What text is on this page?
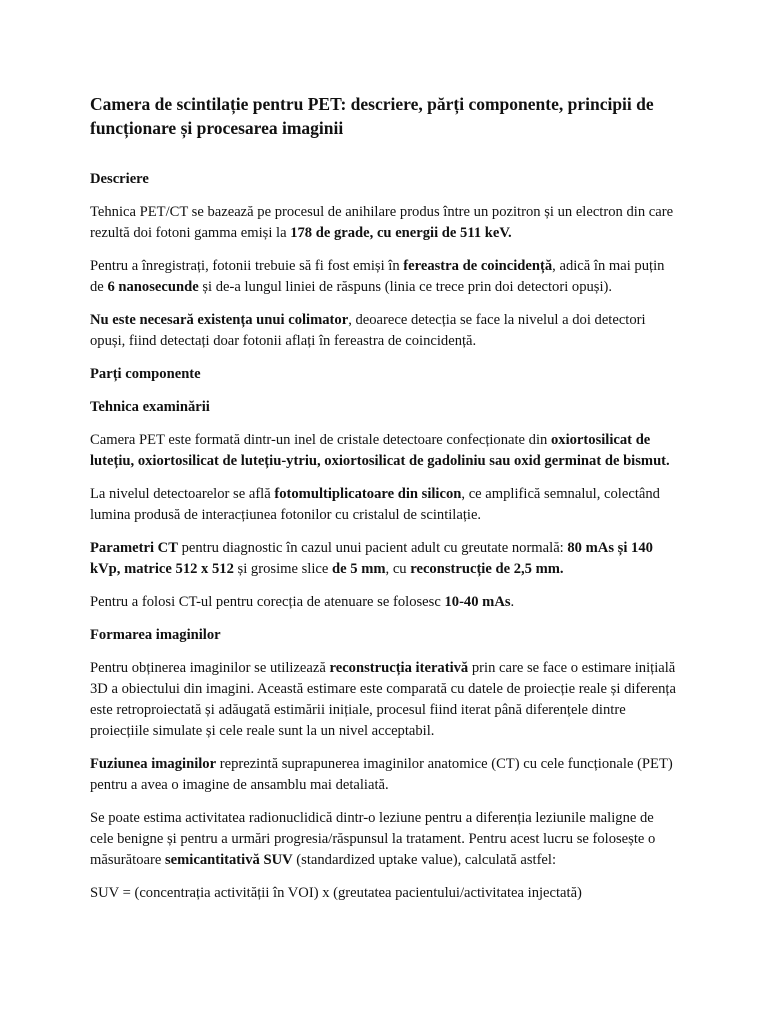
Camera de scintilație pentru PET: descriere, părți componente, principii de funcționare și procesarea imaginii
Descriere

Tehnica PET/CT se bazează pe procesul de anihilare produs între un pozitron și un electron din care rezultă doi fotoni gamma emiși la 178 de grade, cu energii de 511 keV.

Pentru a înregistrați, fotonii trebuie să fi fost emiși în fereastra de coincidență, adică în mai puțin de 6 nanosecunde și de-a lungul liniei de răspuns (linia ce trece prin doi detectori opuși).

Nu este necesară existența unui colimator, deoarece detecția se face la nivelul a doi detectori opuși, fiind detectați doar fotonii aflați în fereastra de coincidență.

Parți componente
Tehnica examinării

Camera PET este formată dintr-un inel de cristale detectoare confecționate din oxiortosilicat de lutețiu, oxiortosilicat de lutețiu-ytriu, oxiortosilicat de gadoliniu sau oxid germinat de bismut.

La nivelul detectoarelor se află fotomultiplicatoare din silicon, ce amplifică semnalul, colectând lumina produsă de interacțiunea fotonilor cu cristalul de scintilație.

Parametri CT pentru diagnostic în cazul unui pacient adult cu greutate normală: 80 mAs și 140 kVp, matrice 512 x 512 și grosime slice de 5 mm, cu reconstrucție de 2,5 mm.

Pentru a folosi CT-ul pentru corecția de atenuare se folosesc 10-40 mAs.

Formarea imaginilor

Pentru obținerea imaginilor se utilizează reconstrucția iterativă prin care se face o estimare inițială 3D a obiectului din imagini. Această estimare este comparată cu datele de proiecție reale și diferența este retroproiectată și adăugată estimării inițiale, procesul fiind iterat până diferențele dintre proiecțiile simulate și cele reale sunt la un nivel acceptabil.

Fuziunea imaginilor reprezintă suprapunerea imaginilor anatomice (CT) cu cele funcționale (PET) pentru a avea o imagine de ansamblu mai detaliată.

Se poate estima activitatea radionuclidică dintr-o leziune pentru a diferenția leziunile maligne de cele benigne și pentru a urmări progresia/răspunsul la tratament. Pentru acest lucru se folosește o măsurătoare semicantitativă SUV (standardized uptake value), calculată astfel:

SUV = (concentrația activității în VOI) x (greutatea pacientului/activitatea injectată)
